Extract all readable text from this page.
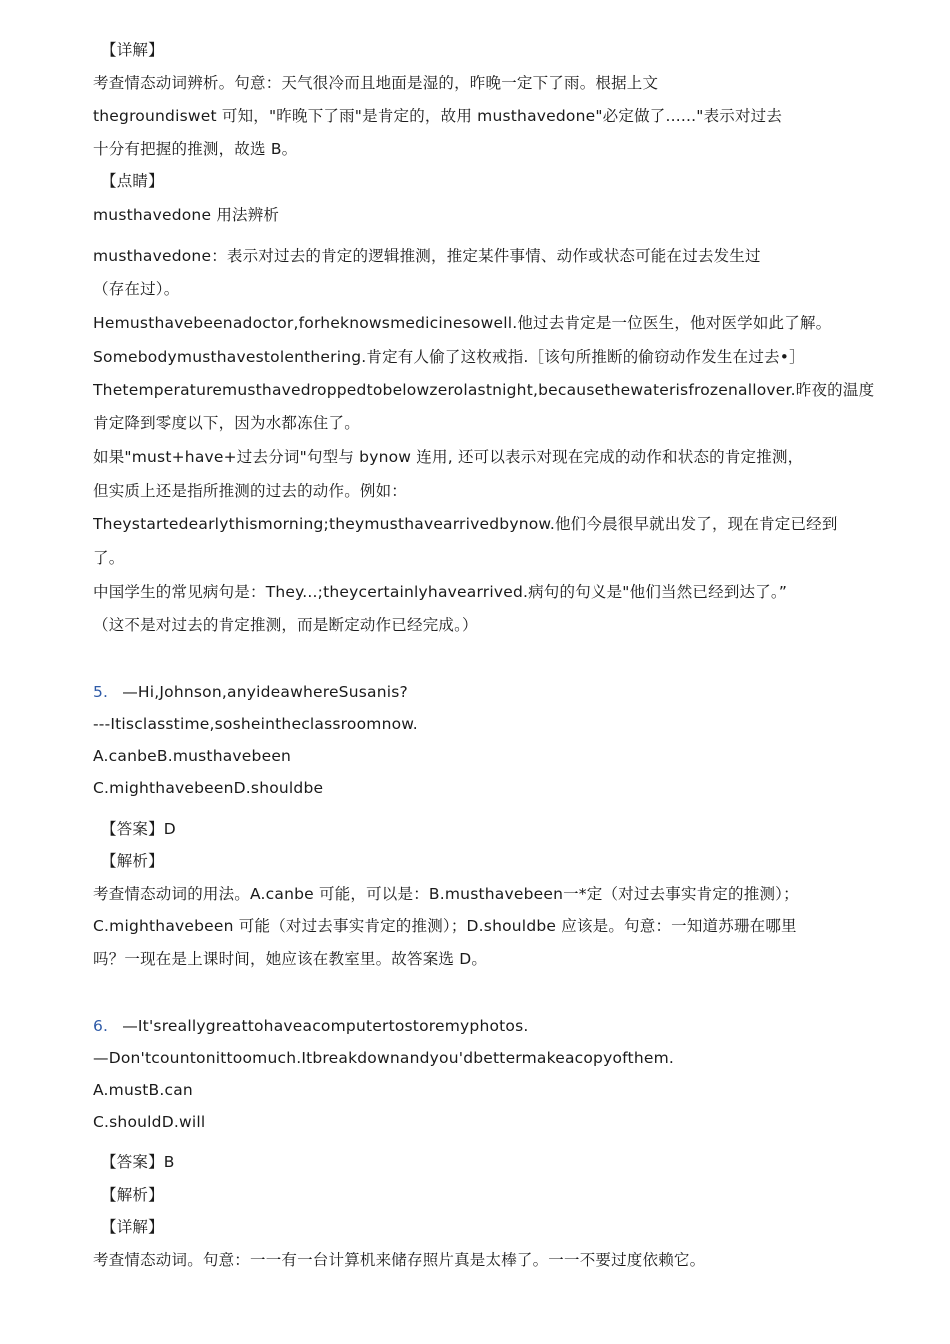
【详解】
考查情态动词辨析。句意：天气很冷而且地面是湿的，昨晚一定下了雨。根据上文
thegroundiswet 可知，"昨晚下了雨"是肯定的，故用 musthavedone"必定做了......"表示对过去
十分有把握的推测，故选 B。
【点睛】
musthavedone 用法辨析
musthavedone：表示对过去的肯定的逻辑推测，推定某件事情、动作或状态可能在过去发生过
（存在过）。
Hemusthavebeenadoctor,forheknowsmedicinesowell.他过去肯定是一位医生，他对医学如此了解。
Somebodymusthavestolenthering.肯定有人偷了这枚戒指.［该句所推断的偷窃动作发生在过去•］
Thetemperaturemusthavedroppedtobelowzerolastnight,becausethewaterisfrozenallover.昨夜的温度
肯定降到零度以下，因为水都冻住了。
如果"must+have+过去分词"句型与 bynow 连用, 还可以表示对现在完成的动作和状态的肯定推测，
但实质上还是指所推测的过去的动作。例如：
Theystartedearlythismorning;theymusthavearrivedbynow.他们今晨很早就出发了，现在肯定已经到
了。
中国学生的常见病句是：They...;theycertainlyhavearrived.病句的句义是"他们当然已经到达了。”
（这不是对过去的肯定推测，而是断定动作已经完成。）
5. —Hi,Johnson,anyideawhereSusanis?
---Itisclasstime,sosheintheclassroomnow.
A.canbeB.musthavebeen
C.mighthavebeenD.shouldbe
【答案】D
【解析】
考查情态动词的用法。A.canbe 可能，可以是：B.musthavebeen一*定（对过去事实肯定的推测）；
C.mighthavebeen 可能（对过去事实肯定的推测）；D.shouldbe 应该是。句意：一知道苏珊在哪里
吗？一现在是上课时间，她应该在教室里。故答案选 D。
6. —It'sreallygreattohaveacomputertostoremyphotos.
—Don'tcountonittoomuch.Itbreakdownandyou'dbettermakeacopyofthem.
A.mustB.can
C.shouldD.will
【答案】B
【解析】
【详解】
考查情态动词。句意：一一有一台计算机来储存照片真是太棒了。一一不要过度依赖它。
